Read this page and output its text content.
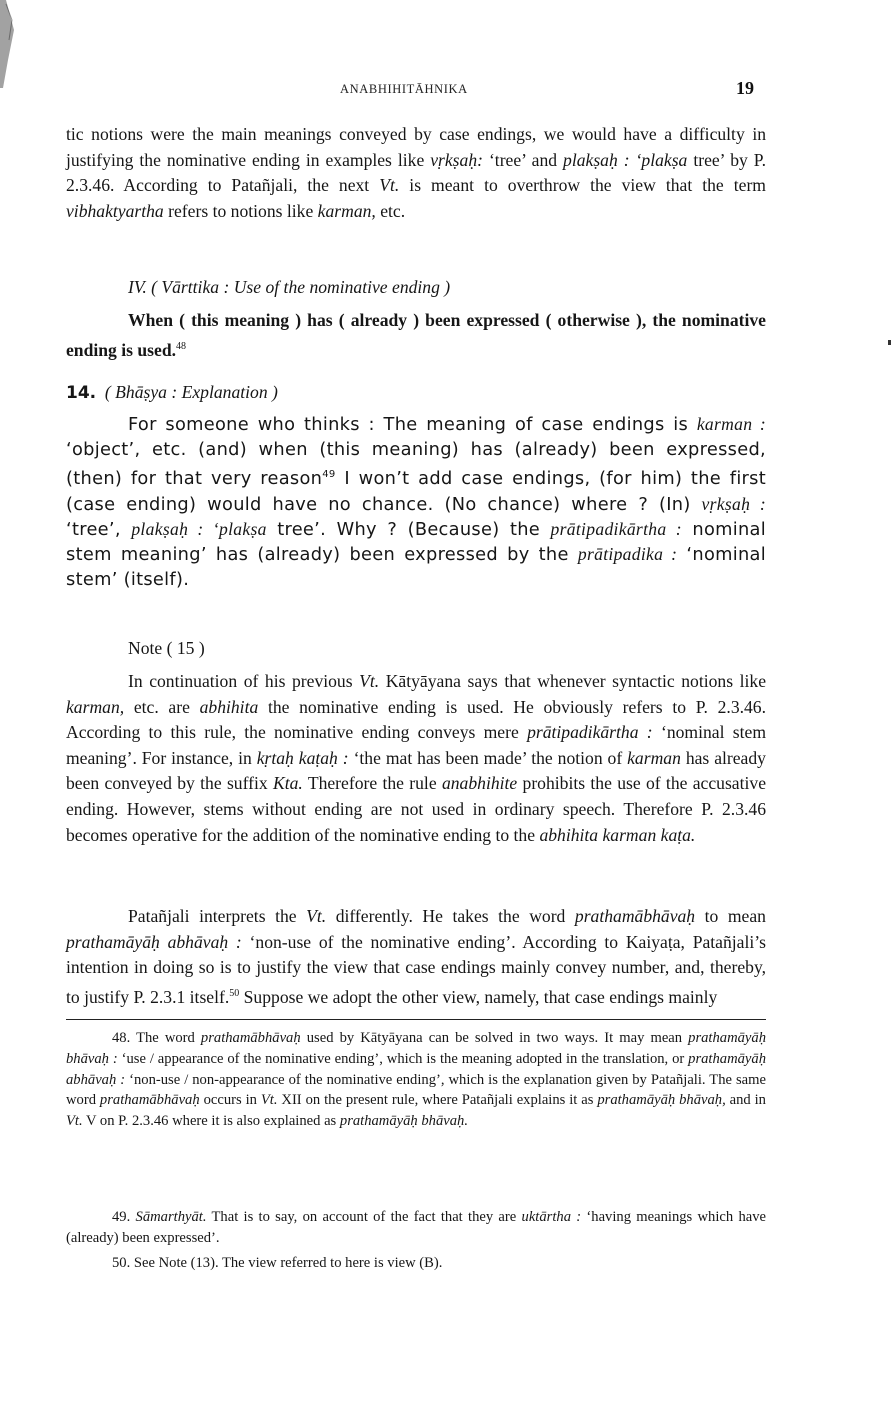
ANABHIHITĀHNIKA	19

tic notions were the main meanings conveyed by case endings, we would have a difficulty in justifying the nominative ending in examples like vṛkṣaḥ: ‘tree’ and plakṣaḥ : ‘plakṣa tree’ by P. 2.3.46. According to Patañjali, the next Vt. is meant to overthrow the view that the term vibhaktyartha refers to notions like karman, etc.

IV. ( Vārttika : Use of the nominative ending )

When ( this meaning ) has ( already ) been expressed ( otherwise ), the nominative ending is used.$^{48}$

14. ( Bhāṣya : Explanation )

For someone who thinks : The meaning of case endings is karman : ‘object’, etc. (and) when (this meaning) has (already) been expressed, (then) for that very reason$^{49}$ I won’t add case endings, (for him) the first (case ending) would have no chance. (No chance) where ? (In) vṛkṣaḥ : ‘tree’, plakṣaḥ : ‘plakṣa tree’. Why ? (Because) the prātipadikārtha : nominal stem meaning’ has (already) been expressed by the prātipadika : ‘nominal stem’ (itself).

Note ( 15 )

In continuation of his previous Vt. Kātyāyana says that whenever syntactic notions like karman, etc. are abhihita the nominative ending is used. He obviously refers to P. 2.3.46. According to this rule, the nominative ending conveys mere prātipadikārtha : ‘nominal stem meaning’. For instance, in kṛtaḥ kaṭaḥ : ‘the mat has been made’ the notion of karman has already been conveyed by the suffix Kta. Therefore the rule anabhihite prohibits the use of the accusative ending. However, stems without ending are not used in ordinary speech. Therefore P. 2.3.46 becomes operative for the addition of the nominative ending to the abhihita karman kaṭa.

Patañjali interprets the Vt. differently. He takes the word prathamābhāvaḥ to mean prathamāyāḥ abhāvaḥ : ‘non-use of the nominative ending’. According to Kaiyaṭa, Patañjali’s intention in doing so is to justify the view that case endings mainly convey number, and, thereby, to justify P. 2.3.1 itself.$^{50}$ Suppose we adopt the other view, namely, that case endings mainly

48. The word prathamābhāvaḥ used by Kātyāyana can be solved in two ways. It may mean prathamāyāḥ bhāvaḥ : ‘use / appearance of the nominative ending’, which is the meaning adopted in the translation, or prathamāyāḥ abhāvaḥ : ‘non-use / non-appearance of the nominative ending’, which is the explanation given by Patañjali. The same word prathamābhāvaḥ occurs in Vt. XII on the present rule, where Patañjali explains it as prathamāyāḥ bhāvaḥ, and in Vt. V on P. 2.3.46 where it is also explained as prathamāyāḥ bhāvaḥ.

49. Sāmarthyāt. That is to say, on account of the fact that they are uktārtha : ‘having meanings which have (already) been expressed’.

50. See Note (13). The view referred to here is view (B).
